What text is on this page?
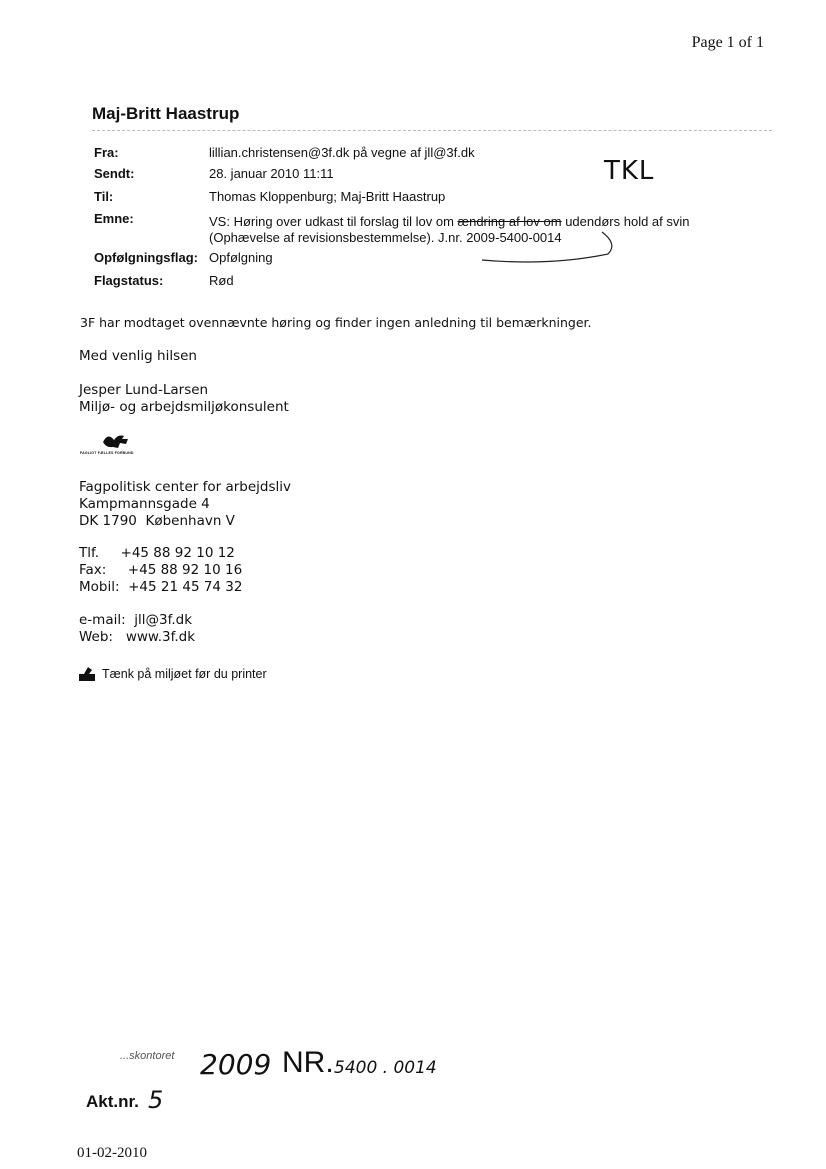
Page 1 of 1
Maj-Britt Haastrup
Fra:	lillian.christensen@3f.dk på vegne af jll@3f.dk
Sendt:	28. januar 2010 11:11	TKL
Til:	Thomas Kloppenburg; Maj-Britt Haastrup
Emne:	VS: Høring over udkast til forslag til lov om ændring af lov om udendørs hold af svin
(Ophævelse af revisionsbestemmelse). J.nr. 2009-5400-0014
Opfølgningsflag: Opfølgning
Flagstatus:	Rød
3F har modtaget ovennævnte høring og finder ingen anledning til bemærkninger.
Med venlig hilsen
Jesper Lund-Larsen
Miljø- og arbejdsmiljøkonsulent
FAGLIGT FÆLLES FORBUND
Fagpolitisk center for arbejdsliv
Kampmannsgade 4
DK 1790  København V
Tlf.     +45 88 92 10 12
Fax:     +45 88 92 10 16
Mobil:  +45 21 45 74 32
e-mail:  jll@3f.dk
Web:   www.3f.dk
Tænk på miljøet før du printer
...skontoret 2009 NR. 5400 . 0014
Akt.nr. 5
01-02-2010
